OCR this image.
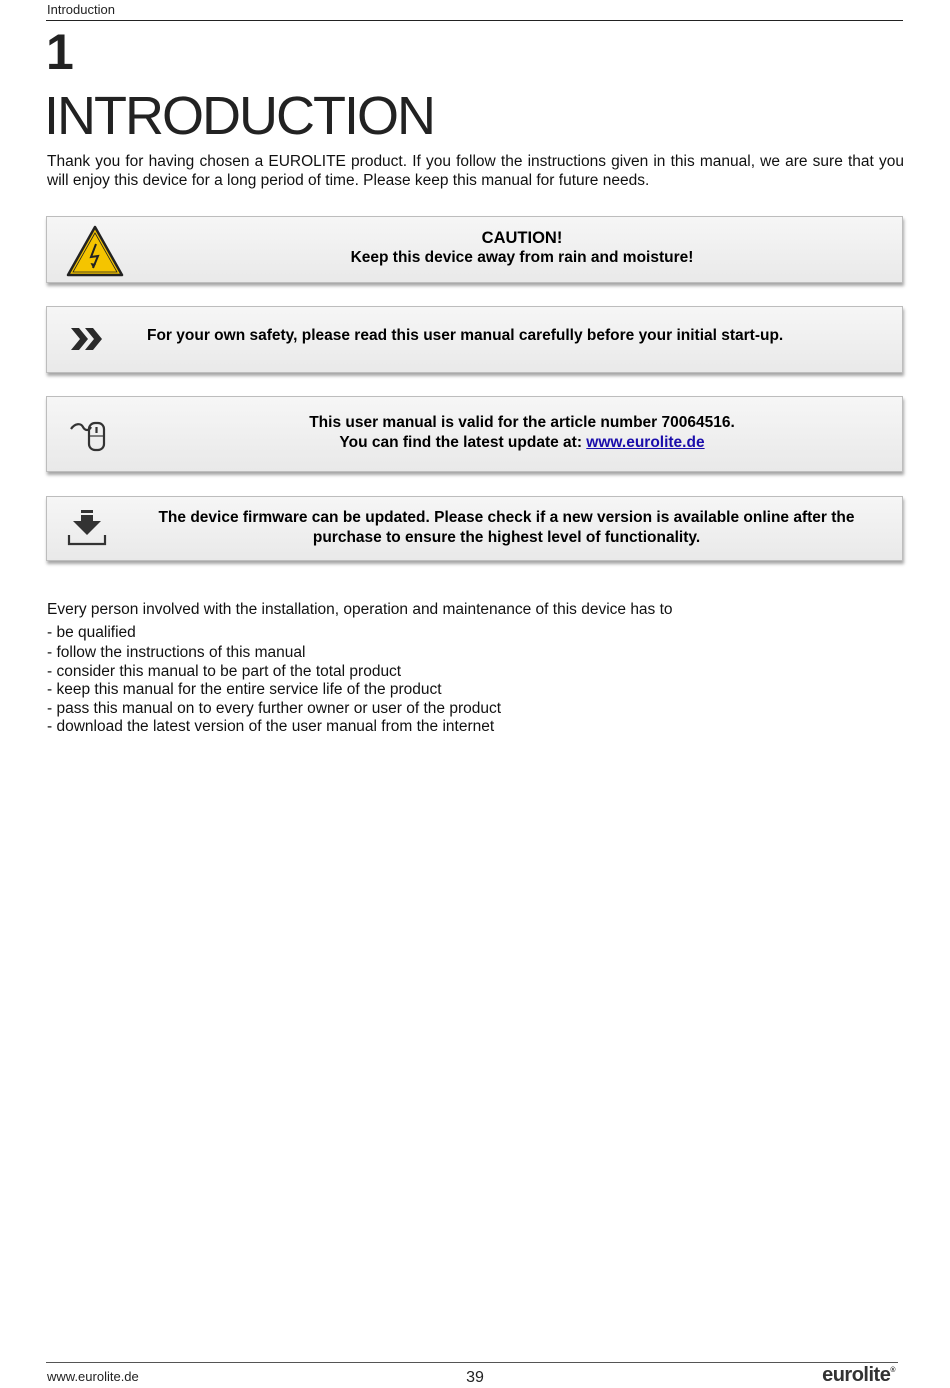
Introduction
1
INTRODUCTION

Thank you for having chosen a EUROLITE product. If you follow the instructions given in this manual, we are sure that you will enjoy this device for a long period of time. Please keep this manual for future needs.

CAUTION!
Keep this device away from rain and moisture!
For your own safety, please read this user manual carefully before your initial start-up.
This user manual is valid for the article number 70064516.
You can find the latest update at: www.eurolite.de
The device firmware can be updated. Please check if a new version is available online after the
purchase to ensure the highest level of functionality.

Every person involved with the installation, operation and maintenance of this device has to

- be qualified
- follow the instructions of this manual
- consider this manual to be part of the total product
- keep this manual for the entire service life of the product
- pass this manual on to every further owner or user of the product
- download the latest version of the user manual from the internet
www.eurolite.de	39	eurolite®
